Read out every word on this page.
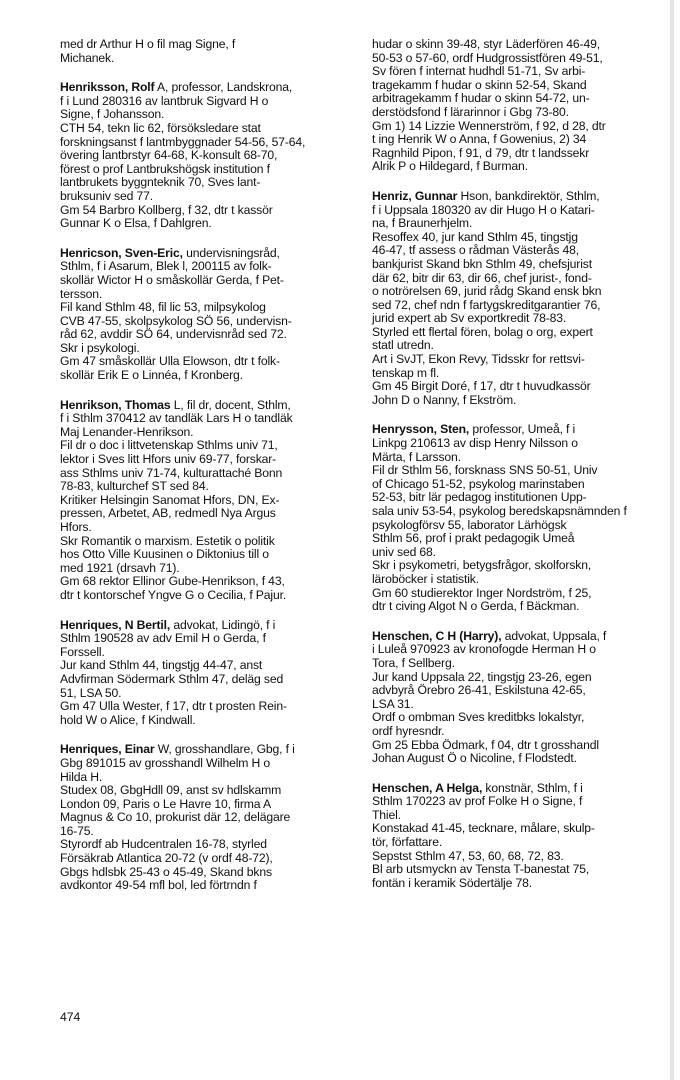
med dr Arthur H o fil mag Signe, f
Michanek.
Henriksson, Rolf A, professor, Landskrona,
f i Lund 280316 av lantbruk Sigvard H o
Signe, f Johansson.
CTH 54, tekn lic 62, försöksledare stat
forskningsanst f lantmbyggnader 54-56, 57-64,
övering lantbrstyr 64-68, K-konsult 68-70,
förest o prof Lantbrukshögsk institution f
lantbrukets byggnteknik 70, Sves lant-
bruksuniv sed 77.
Gm 54 Barbro Kollberg, f 32, dtr t kassör
Gunnar K o Elsa, f Dahlgren.
Henricson, Sven-Eric, undervisningsråd,
Sthlm, f i Asarum, Blek l, 200115 av folk-
skollär Wictor H o småskollär Gerda, f Pet-
tersson.
Fil kand Sthlm 48, fil lic 53, milpsykolog
CVB 47-55, skolpsykolog SÖ 56, undervisn-
råd 62, avddir SÖ 64, undervisnråd sed 72.
Skr i psykologi.
Gm 47 småskollär Ulla Elowson, dtr t folk-
skollär Erik E o Linnéa, f Kronberg.
Henrikson, Thomas L, fil dr, docent, Sthlm,
f i Sthlm 370412 av tandläk Lars H o tandläk
Maj Lenander-Henrikson.
Fil dr o doc i littvetenskap Sthlms univ 71,
lektor i Sves litt Hfors univ 69-77, forskar-
ass Sthlms univ 71-74, kulturattaché Bonn
78-83, kulturchef ST sed 84.
Kritiker Helsingin Sanomat Hfors, DN, Ex-
pressen, Arbetet, AB, redmedl Nya Argus
Hfors.
Skr Romantik o marxism. Estetik o politik
hos Otto Ville Kuusinen o Diktonius till o
med 1921 (drsavh 71).
Gm 68 rektor Ellinor Gube-Henrikson, f 43,
dtr t kontorschef Yngve G o Cecilia, f Pajur.
Henriques, N Bertil, advokat, Lidingö, f i
Sthlm 190528 av adv Emil H o Gerda, f
Forssell.
Jur kand Sthlm 44, tingstjg 44-47, anst
Advfirman Södermark Sthlm 47, deläg sed
51, LSA 50.
Gm 47 Ulla Wester, f 17, dtr t prosten Rein-
hold W o Alice, f Kindwall.
Henriques, Einar W, grosshandlare, Gbg, f i
Gbg 891015 av grosshandl Wilhelm H o
Hilda H.
Studex 08, GbgHdll 09, anst sv hdlskamm
London 09, Paris o Le Havre 10, firma A
Magnus & Co 10, prokurist där 12, delägare
16-75.
Styrordf ab Hudcentralen 16-78, styrled
Försäkrab Atlantica 20-72 (v ordf 48-72),
Gbgs hdlsbk 25-43 o 45-49, Skand bkns
avdkontor 49-54 mfl bol, led förtrndn f
hudar o skinn 39-48, styr Läderfören 46-49,
50-53 o 57-60, ordf Hudgrossistfören 49-51,
Sv fören f internat hudhdl 51-71, Sv arbi-
tragekamm f hudar o skinn 52-54, Skand
arbitragekamm f hudar o skinn 54-72, un-
derstödsfond f lärarinnor i Gbg 73-80.
Gm 1) 14 Lizzie Wennerström, f 92, d 28, dtr
t ing Henrik W o Anna, f Gowenius, 2) 34
Ragnhild Pipon, f 91, d 79, dtr t landssekr
Alrik P o Hildegard, f Burman.
Henriz, Gunnar Hson, bankdirektör, Sthlm,
f i Uppsala 180320 av dir Hugo H o Katari-
na, f Braunerhjelm.
Resoffex 40, jur kand Sthlm 45, tingstjg
46-47, tf assess o rådman Västerås 48,
bankjurist Skand bkn Sthlm 49, chefsjurist
där 62, bitr dir 63, dir 66, chef jurist-, fond-
o notrörelsen 69, jurid rådg Skand ensk bkn
sed 72, chef ndn f fartygskreditgarantier 76,
jurid expert ab Sv exportkredit 78-83.
Styrled ett flertal fören, bolag o org, expert
statl utredn.
Art i SvJT, Ekon Revy, Tidsskr for rettsvi-
tenskap m fl.
Gm 45 Birgit Doré, f 17, dtr t huvudkassör
John D o Nanny, f Ekström.
Henrysson, Sten, professor, Umeå, f i
Linkpg 210613 av disp Henry Nilsson o
Märta, f Larsson.
Fil dr Sthlm 56, forsknass SNS 50-51, Univ
of Chicago 51-52, psykolog marinstaben
52-53, bitr lär pedagog institutionen Upp-
sala univ 53-54, psykolog beredskapsnämnden f
psykologförsv 55, laborator Lärhögsk
Sthlm 56, prof i prakt pedagogik Umeå
univ sed 68.
Skr i psykometri, betygsfrågor, skolforskn,
läroböcker i statistik.
Gm 60 studierektor Inger Nordström, f 25,
dtr t civing Algot N o Gerda, f Bäckman.
Henschen, C H (Harry), advokat, Uppsala, f
i Luleå 970923 av kronofogde Herman H o
Tora, f Sellberg.
Jur kand Uppsala 22, tingstjg 23-26, egen
advbyrå Örebro 26-41, Eskilstuna 42-65,
LSA 31.
Ordf o ombman Sves kreditbks lokalstyr,
ordf hyresndr.
Gm 25 Ebba Ödmark, f 04, dtr t grosshandl
Johan August Ö o Nicoline, f Flodstedt.
Henschen, A Helga, konstnär, Sthlm, f i
Sthlm 170223 av prof Folke H o Signe, f
Thiel.
Konstakad 41-45, tecknare, målare, skulp-
tör, författare.
Sepstst Sthlm 47, 53, 60, 68, 72, 83.
Bl arb utsmyckn av Tensta T-banestat 75,
fontän i keramik Södertälje 78.
474
